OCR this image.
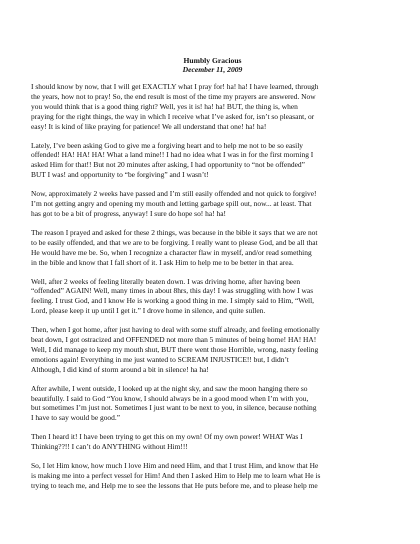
Humbly Gracious
December 11, 2009
I should know by now, that I will get EXACTLY what I pray for! ha! ha! I have learned, through
the years, how not to pray! So, the end result is most of the time my prayers are answered. Now
you would think that is a good thing right? Well, yes it is! ha! ha! BUT, the thing is, when
praying for the right things, the way in which I receive what I’ve asked for, isn’t so pleasant, or
easy! It is kind of like praying for patience! We all understand that one! ha! ha!
Lately, I’ve been asking God to give me a forgiving heart and to help me not to be so easily
offended! HA! HA! HA! What a land mine!! I had no idea what I was in for the first morning I
asked Him for that!! But not 20 minutes after asking, I had opportunity to “not be offended”
BUT I was! and opportunity to “be forgiving” and I wasn’t!
Now, approximately 2 weeks have passed and I’m still easily offended and not quick to forgive!
I’m not getting angry and opening my mouth and letting garbage spill out, now... at least. That
has got to be a bit of progress, anyway! I sure do hope so! ha! ha!
The reason I prayed and asked for these 2 things, was because in the bible it says that we are not
to be easily offended, and that we are to be forgiving. I really want to please God, and be all that
He would have me be. So, when I recognize a character flaw in myself, and/or read something
in the bible and know that I fall short of it. I ask Him to help me to be better in that area.
Well, after 2 weeks of feeling literally beaten down. I was driving home, after having been
“offended” AGAIN! Well, many times in about 8hrs, this day! I was struggling with how I was
feeling. I trust God, and I know He is working a good thing in me. I simply said to Him, “Well,
Lord, please keep it up until I get it.” I drove home in silence, and quite sullen.
Then, when I got home, after just having to deal with some stuff already, and feeling emotionally
beat down, I got ostracized and OFFENDED not more than 5 minutes of being home! HA! HA!
Well, I did manage to keep my mouth shut, BUT there went those Horrible, wrong, nasty feeling
emotions again! Everything in me just wanted to SCREAM INJUSTICE!! but, I didn’t
Although, I did kind of storm around a bit in silence! ha ha!
After awhile, I went outside, I looked up at the night sky, and saw the moon hanging there so
beautifully. I said to God “You know, I should always be in a good mood when I’m with you,
but sometimes I’m just not. Sometimes I just want to be next to you, in silence, because nothing
I have to say would be good.”
Then I heard it! I have been trying to get this on my own! Of my own power! WHAT Was I
Thinking??!! I can’t do ANYTHING without Him!!!
So, I let Him know, how much I love Him and need Him, and that I trust Him, and know that He
is making me into a perfect vessel for Him! And then I asked Him to Help me to learn what He is
trying to teach me, and Help me to see the lessons that He puts before me, and to please help me
